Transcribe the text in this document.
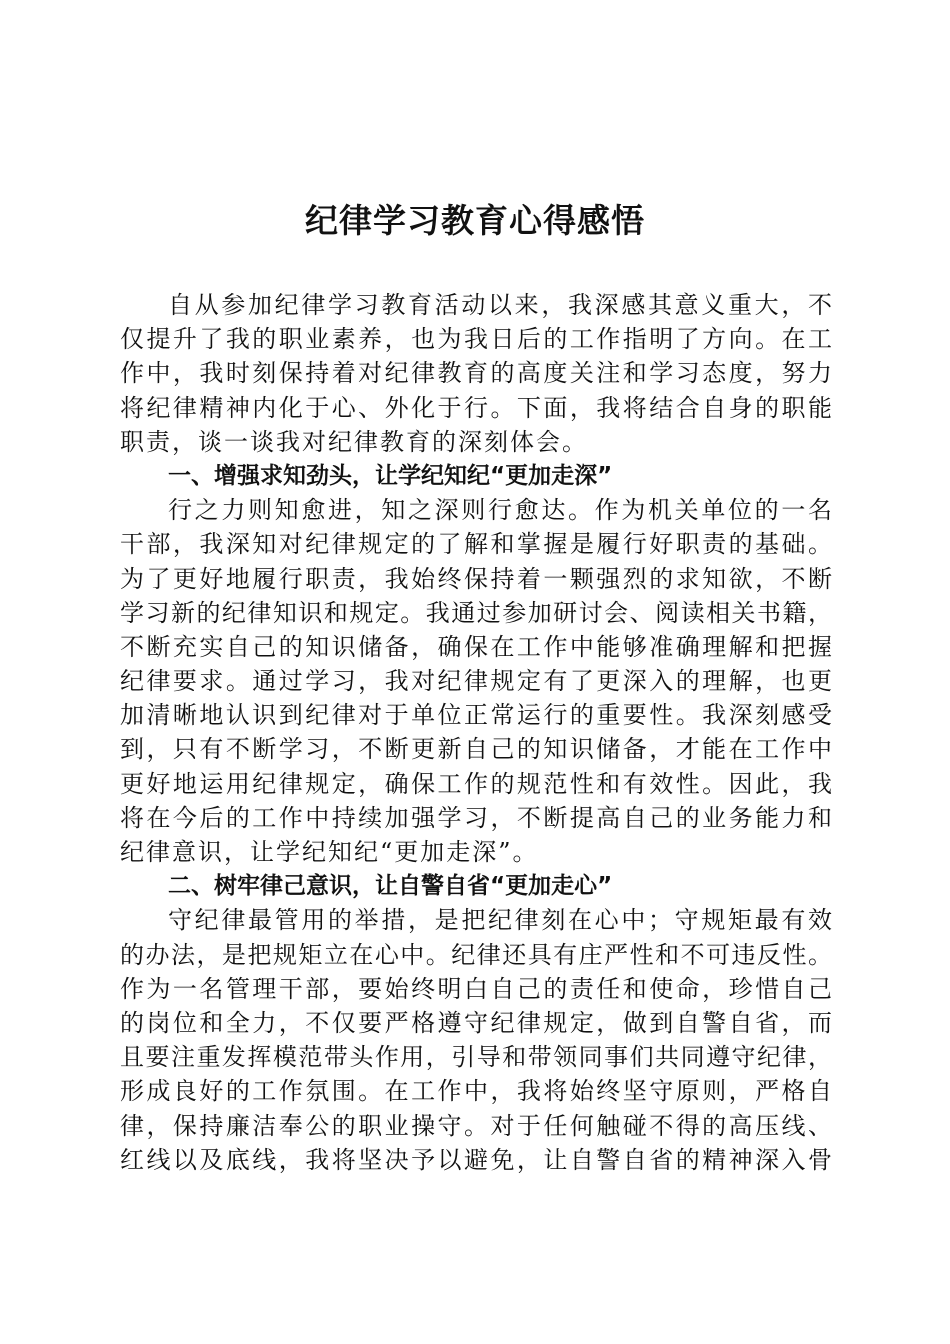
纪律学习教育心得感悟
自从参加纪律学习教育活动以来，我深感其意义重大，不
仅提升了我的职业素养，也为我日后的工作指明了方向。在工
作中，我时刻保持着对纪律教育的高度关注和学习态度，努力
将纪律精神内化于心、外化于行。下面，我将结合自身的职能
职责，谈一谈我对纪律教育的深刻体会。
一、增强求知劲头，让学纪知纪“更加走深”
行之力则知愈进，知之深则行愈达。作为机关单位的一名
干部，我深知对纪律规定的了解和掌握是履行好职责的基础。
为了更好地履行职责，我始终保持着一颗强烈的求知欲，不断
学习新的纪律知识和规定。我通过参加研讨会、阅读相关书籍，
不断充实自己的知识储备，确保在工作中能够准确理解和把握
纪律要求。通过学习，我对纪律规定有了更深入的理解，也更
加清晰地认识到纪律对于单位正常运行的重要性。我深刻感受
到，只有不断学习，不断更新自己的知识储备，才能在工作中
更好地运用纪律规定，确保工作的规范性和有效性。因此，我
将在今后的工作中持续加强学习，不断提高自己的业务能力和
纪律意识，让学纪知纪“更加走深”。
二、树牢律己意识，让自警自省“更加走心”
守纪律最管用的举措，是把纪律刻在心中；守规矩最有效
的办法，是把规矩立在心中。纪律还具有庄严性和不可违反性。
作为一名管理干部，要始终明白自己的责任和使命，珍惜自己
的岗位和全力，不仅要严格遵守纪律规定，做到自警自省，而
且要注重发挥模范带头作用，引导和带领同事们共同遵守纪律，
形成良好的工作氛围。在工作中，我将始终坚守原则，严格自
律，保持廉洁奉公的职业操守。对于任何触碰不得的高压线、
红线以及底线，我将坚决予以避免，让自警自省的精神深入骨
